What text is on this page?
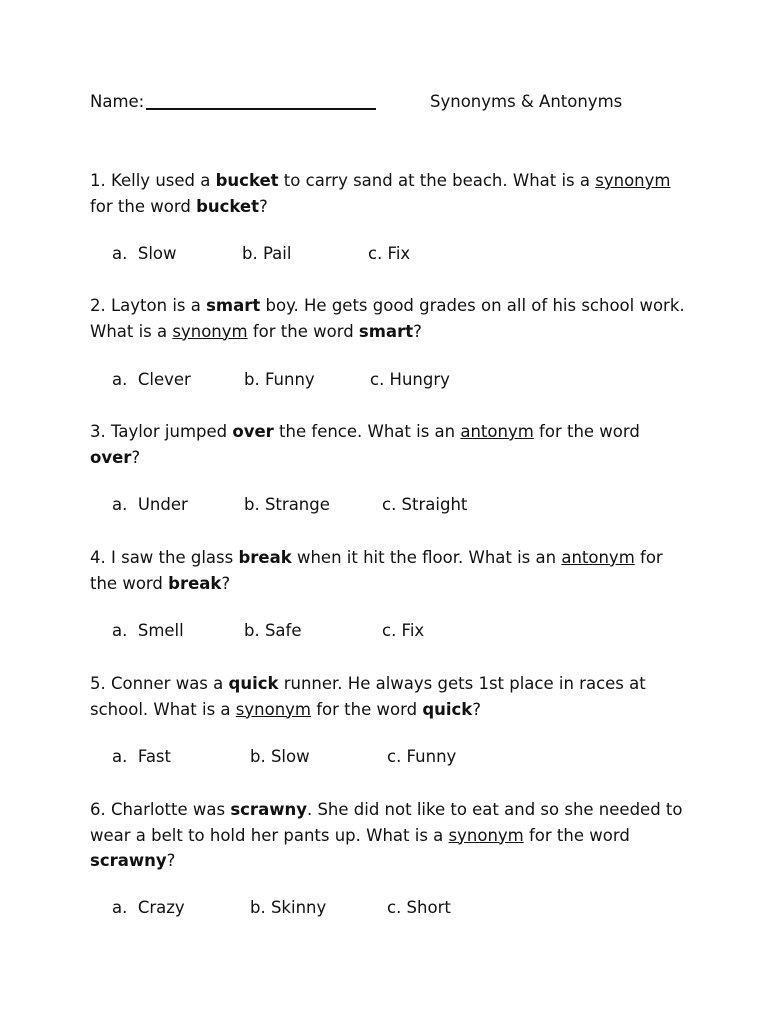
Name:	Synonyms & Antonyms
1. Kelly used a bucket to carry sand at the beach. What is a synonym for the word bucket?
a.  Slow	b. Pail	c. Fix
2. Layton is a smart boy. He gets good grades on all of his school work. What is a synonym for the word smart?
a.  Clever	b. Funny	c. Hungry
3. Taylor jumped over the fence. What is an antonym for the word over?
a.  Under	b. Strange	c. Straight
4. I saw the glass break when it hit the floor. What is an antonym for the word break?
a.  Smell	b. Safe	c. Fix
5. Conner was a quick runner. He always gets 1st place in races at school. What is a synonym for the word quick?
a.  Fast	b. Slow	c. Funny
6. Charlotte was scrawny. She did not like to eat and so she needed to wear a belt to hold her pants up. What is a synonym for the word scrawny?
a.  Crazy	b. Skinny	c. Short
